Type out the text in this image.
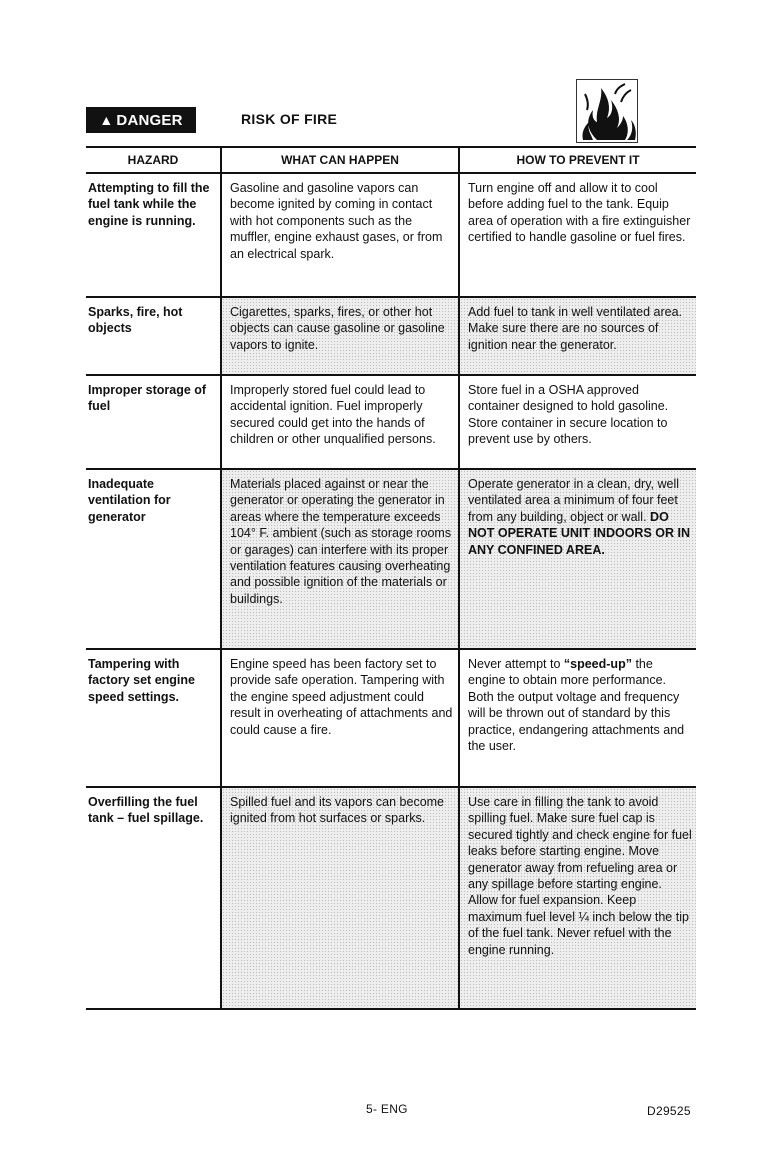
▲ DANGER	RISK OF FIRE
HAZARD	WHAT CAN HAPPEN	HOW TO PREVENT IT
Attempting to fill the fuel tank while the engine is running.	Gasoline and gasoline vapors can become ignited by coming in contact with hot components such as the muffler, engine exhaust gases, or from an electrical spark.	Turn engine off and allow it to cool before adding fuel to the tank. Equip area of operation with a fire extinguisher certified to handle gasoline or fuel fires.
Sparks, fire, hot objects	Cigarettes, sparks, fires, or other hot objects can cause gasoline or gasoline vapors to ignite.	Add fuel to tank in well ventilated area. Make sure there are no sources of ignition near the generator.
Improper storage of fuel	Improperly stored fuel could lead to accidental ignition. Fuel improperly secured could get into the hands of children or other unqualified persons.	Store fuel in a OSHA approved container designed to hold gasoline. Store container in secure location to prevent use by others.
Inadequate ventilation for generator	Materials placed against or near the generator or operating the generator in areas where the temperature exceeds 104° F. ambient (such as storage rooms or garages) can interfere with its proper ventilation features causing overheating and possible ignition of the materials or buildings.	Operate generator in a clean, dry, well ventilated area a minimum of four feet from any building, object or wall. DO NOT OPERATE UNIT INDOORS OR IN ANY CONFINED AREA.
Tampering with factory set engine speed settings.	Engine speed has been factory set to provide safe operation. Tampering with the engine speed adjustment could result in overheating of attachments and could cause a fire.	Never attempt to “speed-up” the engine to obtain more performance. Both the output voltage and frequency will be thrown out of standard by this practice, endangering attachments and the user.
Overfilling the fuel tank – fuel spillage.	Spilled fuel and its vapors can become ignited from hot surfaces or sparks.	Use care in filling the tank to avoid spilling fuel. Make sure fuel cap is secured tightly and check engine for fuel leaks before starting engine. Move generator away from refueling area or any spillage before starting engine. Allow for fuel expansion. Keep maximum fuel level ¼ inch below the tip of the fuel tank. Never refuel with the engine running.
5- ENG	D29525
